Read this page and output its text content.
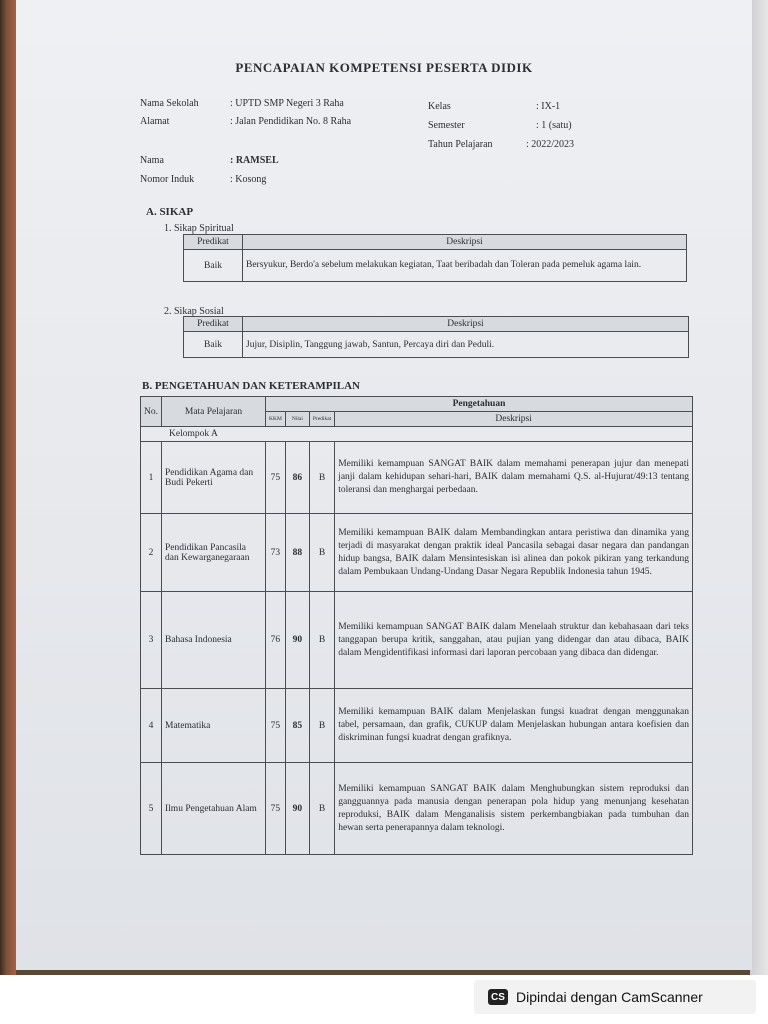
PENCAPAIAN KOMPETENSI PESERTA DIDIK
Nama Sekolah	: UPTD SMP Negeri 3 Raha
Alamat	: Jalan Pendidikan No. 8 Raha
Kelas	: IX-1
Semester	: 1 (satu)
Tahun Pelajaran	: 2022/2023
Nama	: RAMSEL
Nomor Induk	: Kosong
A. SIKAP
1. Sikap Spiritual
Predikat	Deskripsi
Baik	Bersyukur, Berdo'a sebelum melakukan kegiatan, Taat beribadah dan Toleran pada pemeluk agama lain.
2. Sikap Sosial
Predikat	Deskripsi
Baik	Jujur, Disiplin, Tanggung jawab, Santun, Percaya diri dan Peduli.
B. PENGETAHUAN DAN KETERAMPILAN
No.	Mata Pelajaran	Pengetahuan			
		KKM	Nilai	Predikat	Deskripsi
Kelompok A					
1	Pendidikan Agama dan Budi Pekerti	75	86	B	Memiliki kemampuan SANGAT BAIK dalam memahami penerapan jujur dan menepati janji dalam kehidupan sehari-hari, BAIK dalam memahami Q.S. al-Hujurat/49:13 tentang toleransi dan menghargai perbedaan.
2	Pendidikan Pancasila dan Kewarganegaraan	73	88	B	Memiliki kemampuan BAIK dalam Membandingkan antara peristiwa dan dinamika yang terjadi di masyarakat dengan praktik ideal Pancasila sebagai dasar negara dan pandangan hidup bangsa, BAIK dalam Mensintesiskan isi alinea dan pokok pikiran yang terkandung dalam Pembukaan Undang-Undang Dasar Negara Republik Indonesia tahun 1945.
3	Bahasa Indonesia	76	90	B	Memiliki kemampuan SANGAT BAIK dalam Menelaah struktur dan kebahasaan dari teks tanggapan berupa kritik, sanggahan, atau pujian yang didengar dan atau dibaca, BAIK dalam Mengidentifikasi informasi dari laporan percobaan yang dibaca dan didengar.
4	Matematika	75	85	B	Memiliki kemampuan BAIK dalam Menjelaskan fungsi kuadrat dengan menggunakan tabel, persamaan, dan grafik, CUKUP dalam Menjelaskan hubungan antara koefisien dan diskriminan fungsi kuadrat dengan grafiknya.
5	Ilmu Pengetahuan Alam	75	90	B	Memiliki kemampuan SANGAT BAIK dalam Menghubungkan sistem reproduksi dan gangguannya pada manusia dengan penerapan pola hidup yang menunjang kesehatan reproduksi, BAIK dalam Menganalisis sistem perkembangbiakan pada tumbuhan dan hewan serta penerapannya dalam teknologi.
CS Dipindai dengan CamScanner
